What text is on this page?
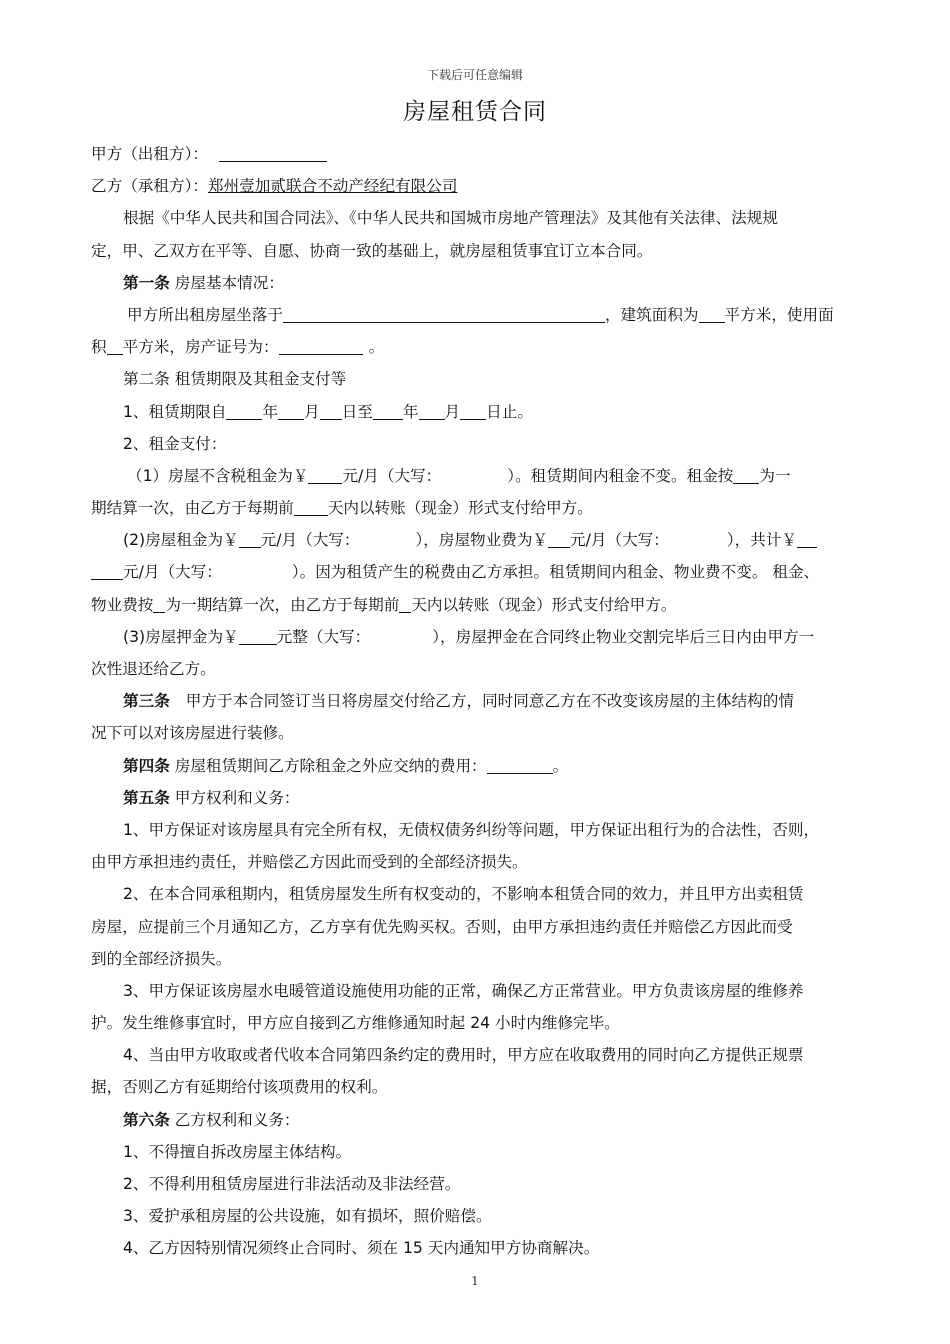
下载后可任意编辑
房屋租赁合同
甲方（出租方）：
乙方（承租方）：郑州壹加贰联合不动产经纪有限公司
根据《中华人民共和国合同法》、《中华人民共和国城市房地产管理法》及其他有关法律、法规规
定，甲、乙双方在平等、自愿、协商一致的基础上，就房屋租赁事宜订立本合同。
第一条 房屋基本情况：
甲方所出租房屋坐落于	，建筑面积为 平方米，使用面
积 平方米，房产证号为：	。
第二条 租赁期限及其租金支付等
1、租赁期限自 年 月 日至 年 月 日止。
2、租金支付：
（1）房屋不含税租金为￥ 元/月（大写：	）。租赁期间内租金不变。租金按 为一
期结算一次，由乙方于每期前 天内以转账（现金）形式支付给甲方。
(2)房屋租金为￥ 元/月（大写：	），房屋物业费为￥ 元/月（大写：	），共计￥
元/月（大写：	）。因为租赁产生的税费由乙方承担。租赁期间内租金、物业费不变。 租金、
物业费按 为一期结算一次，由乙方于每期前 天内以转账（现金）形式支付给甲方。
(3)房屋押金为￥ 元整（大写：	），房屋押金在合同终止物业交割完毕后三日内由甲方一
次性退还给乙方。
第三条 甲方于本合同签订当日将房屋交付给乙方，同时同意乙方在不改变该房屋的主体结构的情
况下可以对该房屋进行装修。
第四条 房屋租赁期间乙方除租金之外应交纳的费用：	。
第五条 甲方权利和义务：
1、甲方保证对该房屋具有完全所有权，无债权债务纠纷等问题，甲方保证出租行为的合法性，否则，
由甲方承担违约责任，并赔偿乙方因此而受到的全部经济损失。
2、在本合同承租期内，租赁房屋发生所有权变动的，不影响本租赁合同的效力，并且甲方出卖租赁
房屋，应提前三个月通知乙方，乙方享有优先购买权。否则，由甲方承担违约责任并赔偿乙方因此而受
到的全部经济损失。
3、甲方保证该房屋水电暖管道设施使用功能的正常，确保乙方正常营业。甲方负责该房屋的维修养
护。发生维修事宜时，甲方应自接到乙方维修通知时起 24 小时内维修完毕。
4、当由甲方收取或者代收本合同第四条约定的费用时，甲方应在收取费用的同时向乙方提供正规票
据，否则乙方有延期给付该项费用的权利。
第六条 乙方权利和义务：
1、不得擅自拆改房屋主体结构。
2、不得利用租赁房屋进行非法活动及非法经营。
3、爱护承租房屋的公共设施，如有损坏，照价赔偿。
4、乙方因特别情况须终止合同时、须在 15 天内通知甲方协商解决。
1
